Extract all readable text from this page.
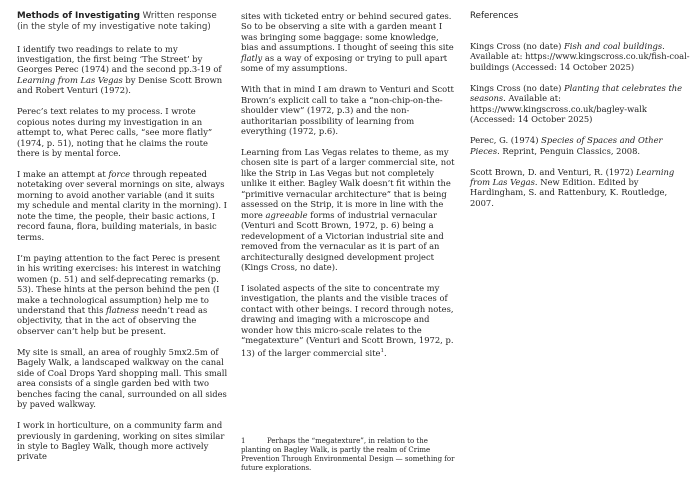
Methods of Investigating Written response
(in the style of my investigative note taking)

I identify two readings to relate to my investigation, the first being ‘The Street’ by Georges Perec (1974) and the second pp.3-19 of Learning from Las Vegas by Denise Scott Brown and Robert Venturi (1972).

Perec’s text relates to my process. I wrote copious notes during my investigation in an attempt to, what Perec calls, “see more flatly” (1974, p. 51), noting that he claims the route there is by mental force.

I make an attempt at force through repeated notetaking over several mornings on site, always morning to avoid another variable (and it suits my schedule and mental clarity in the morning). I note the time, the people, their basic actions, I record fauna, flora, building materials, in basic terms.

I’m paying attention to the fact Perec is present in his writing exercises: his interest in watching women (p. 51) and self-deprecating remarks (p. 53). These hints at the person behind the pen (I make a technological assumption) help me to understand that this flatness needn’t read as objectivity, that in the act of observing the observer can’t help but be present.

My site is small, an area of roughly 5mx2.5m of Bagely Walk, a landscaped walkway on the canal side of Coal Drops Yard shopping mall. This small area consists of a single garden bed with two benches facing the canal, surrounded on all sides by paved walkway.

I work in horticulture, on a community farm and previously in gardening, working on sites similar in style to Bagley Walk, though more actively private

sites with ticketed entry or behind secured gates. So to be observing a site with a garden meant I was bringing some baggage: some knowledge, bias and assumptions. I thought of seeing this site flatly as a way of exposing or trying to pull apart some of my assumptions.

With that in mind I am drawn to Venturi and Scott Brown’s explicit call to take a “non-chip-on-the-shoulder view” (1972, p.3) and the non-authoritarian possibility of learning from everything (1972, p.6).

Learning from Las Vegas relates to theme, as my chosen site is part of a larger commercial site, not like the Strip in Las Vegas but not completely unlike it either. Bagley Walk doesn’t fit within the “primitive vernacular architecture” that is being assessed on the Strip, it is more in line with the more agreeable forms of industrial vernacular (Venturi and Scott Brown, 1972, p. 6) being a redevelopment of a Victorian industrial site and removed from the vernacular as it is part of an architecturally designed development project (Kings Cross, no date).

I isolated aspects of the site to concentrate my investigation, the plants and the visible traces of contact with other beings. I record through notes, drawing and imaging with a microscope and wonder how this micro-scale relates to the “megatexture” (Venturi and Scott Brown, 1972, p. 13) of the larger commercial site$^1$.

1	Perhaps the “megatexture”, in relation to the planting on Bagley Walk, is partly the realm of Crime Prevention Through Environmental Design — something for future explorations.
References

Kings Cross (no date) Fish and coal buildings. Available at: https://www.kingscross.co.uk/fish-coal-buildings (Accessed: 14 October 2025)

Kings Cross (no date) Planting that celebrates the seasons. Available at: https://www.kingscross.co.uk/bagley-walk (Accessed: 14 October 2025)

Perec, G. (1974) Species of Spaces and Other Pieces. Reprint, Penguin Classics, 2008.

Scott Brown, D. and Venturi, R. (1972) Learning from Las Vegas. New Edition. Edited by Hardingham, S. and Rattenbury, K. Routledge, 2007.
